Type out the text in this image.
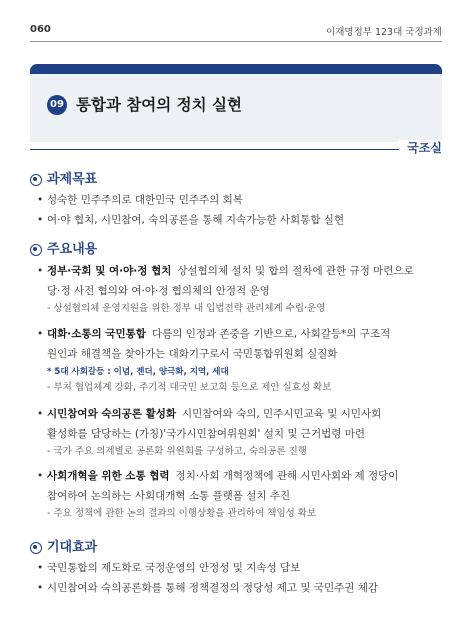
060	이재명정부 123대 국정과제
09 통합과 참여의 정치 실현
국조실
과제목표
• 성숙한 민주주의로 대한민국 민주주의 회복
• 여·야 협치, 시민참여, 숙의공론을 통해 지속가능한 사회통합 실현
주요내용
• 정부·국회 및 여·야·정 협치 상설협의체 설치 및 합의 절차에 관한 규정 마련으로
당·정 사전 협의와 여·야·정 협의체의 안정적 운영
- 상설협의체 운영지원을 위한 정부 내 입법전략 관리체계 수립·운영
• 대화·소통의 국민통합 다름의 인정과 존중을 기반으로, 사회갈등*의 구조적
원인과 해결책을 찾아가는 대화기구로서 국민통합위원회 실질화
* 5대 사회갈등 : 이념, 젠더, 양극화, 지역, 세대
- 부처 협업체계 강화, 주기적 대국민 보고회 등으로 제안 실효성 확보
• 시민참여와 숙의공론 활성화 시민참여와 숙의, 민주시민교육 및 시민사회
활성화를 담당하는 (가칭)'국가시민참여위원회' 설치 및 근거법령 마련
- 국가 주요 의제별로 공론화 위원회를 구성하고, 숙의공론 진행
• 사회개혁을 위한 소통 협력 정치·사회 개혁정책에 관해 시민사회와 제 정당이
참여하여 논의하는 사회대개혁 소통 플랫폼 설치 추진
- 주요 정책에 관한 논의 결과의 이행상황을 관리하여 책임성 확보
기대효과
• 국민통합의 제도화로 국정운영의 안정성 및 지속성 담보
• 시민참여와 숙의공론화를 통해 정책결정의 정당성 제고 및 국민주권 체감
